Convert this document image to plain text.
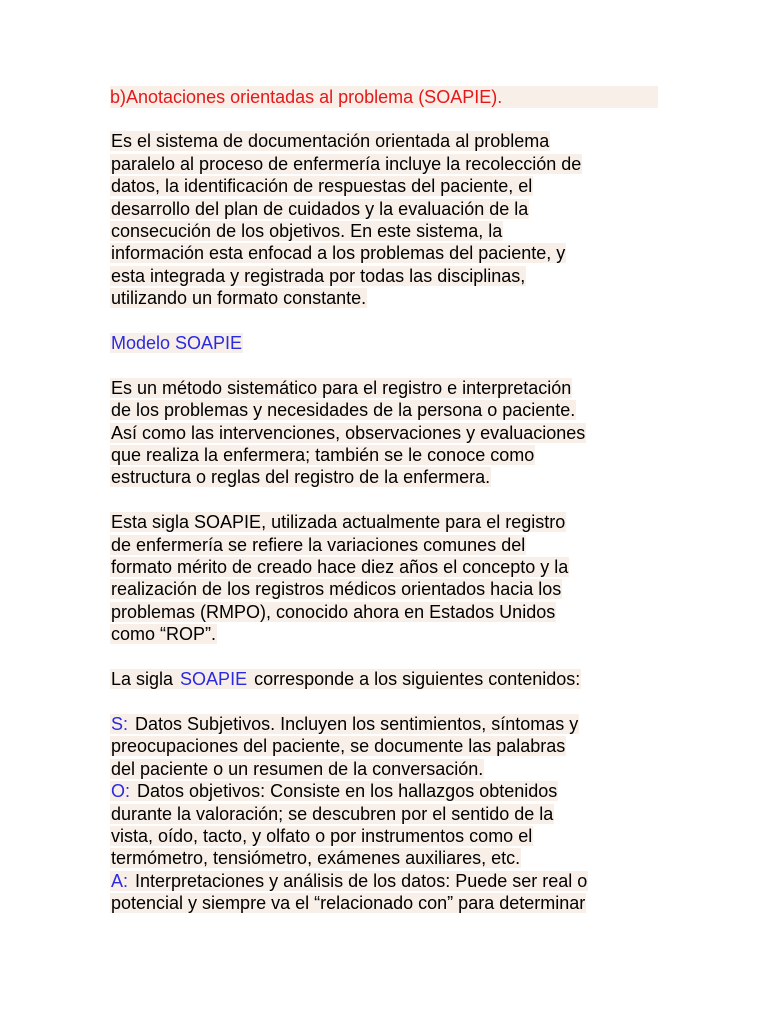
b)Anotaciones orientadas al problema (SOAPIE).
Es el sistema de documentación orientada al problema
paralelo al proceso de enfermería incluye la recolección de
datos, la identificación de respuestas del paciente, el
desarrollo del plan de cuidados y la evaluación de la
consecución de los objetivos. En este sistema, la
información esta enfocad a los problemas del paciente, y
esta integrada y registrada por todas las disciplinas,
utilizando un formato constante.
Modelo SOAPIE
Es un método sistemático para el registro e interpretación
de los problemas y necesidades de la persona o paciente.
Así como las intervenciones, observaciones y evaluaciones
que realiza la enfermera; también se le conoce como
estructura o reglas del registro de la enfermera.
Esta sigla SOAPIE, utilizada actualmente para el registro
de enfermería se refiere la variaciones comunes del
formato mérito de creado hace diez años el concepto y la
realización de los registros médicos orientados hacia los
problemas (RMPO), conocido ahora en Estados Unidos
como “ROP”.
La sigla SOAPIE corresponde a los siguientes contenidos:
S: Datos Subjetivos. Incluyen los sentimientos, síntomas y
preocupaciones del paciente, se documente las palabras
del paciente o un resumen de la conversación.
O: Datos objetivos: Consiste en los hallazgos obtenidos
durante la valoración; se descubren por el sentido de la
vista, oído, tacto, y olfato o por instrumentos como el
termómetro, tensiómetro, exámenes auxiliares, etc.
A: Interpretaciones y análisis de los datos: Puede ser real o
potencial y siempre va el “relacionado con” para determinar
